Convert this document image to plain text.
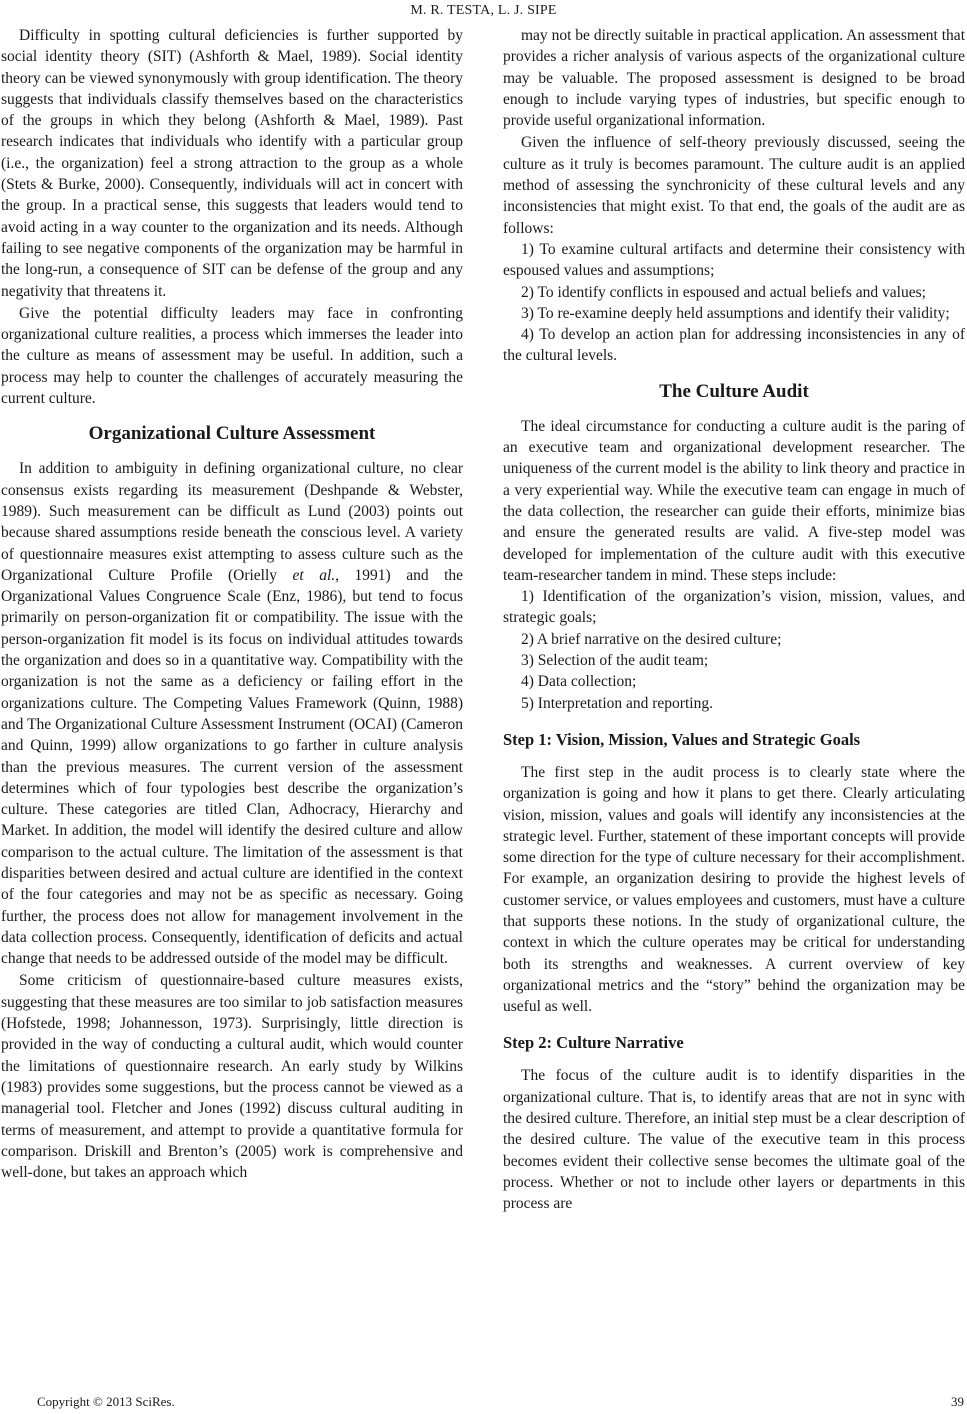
M. R. TESTA, L. J. SIPE

Difficulty in spotting cultural deficiencies is further supported by social identity theory (SIT) (Ashforth & Mael, 1989). Social identity theory can be viewed synonymously with group identification. The theory suggests that individuals classify themselves based on the characteristics of the groups in which they belong (Ashforth & Mael, 1989). Past research indicates that individuals who identify with a particular group (i.e., the organization) feel a strong attraction to the group as a whole (Stets & Burke, 2000). Consequently, individuals will act in concert with the group. In a practical sense, this suggests that leaders would tend to avoid acting in a way counter to the organization and its needs. Although failing to see negative components of the organization may be harmful in the long-run, a consequence of SIT can be defense of the group and any negativity that threatens it.

Give the potential difficulty leaders may face in confronting organizational culture realities, a process which immerses the leader into the culture as means of assessment may be useful. In addition, such a process may help to counter the challenges of accurately measuring the current culture.

Organizational Culture Assessment

In addition to ambiguity in defining organizational culture, no clear consensus exists regarding its measurement (Deshpande & Webster, 1989). Such measurement can be difficult as Lund (2003) points out because shared assumptions reside beneath the conscious level. A variety of questionnaire measures exist attempting to assess culture such as the Organizational Culture Profile (Orielly et al., 1991) and the Organizational Values Congruence Scale (Enz, 1986), but tend to focus primarily on person-organization fit or compatibility. The issue with the person-organization fit model is its focus on individual attitudes towards the organization and does so in a quantitative way. Compatibility with the organization is not the same as a deficiency or failing effort in the organizations culture. The Competing Values Framework (Quinn, 1988) and The Organizational Culture Assessment Instrument (OCAI) (Cameron and Quinn, 1999) allow organizations to go farther in culture analysis than the previous measures. The current version of the assessment determines which of four typologies best describe the organization’s culture. These categories are titled Clan, Adhocracy, Hierarchy and Market. In addition, the model will identify the desired culture and allow comparison to the actual culture. The limitation of the assessment is that disparities between desired and actual culture are identified in the context of the four categories and may not be as specific as necessary. Going further, the process does not allow for management involvement in the data collection process. Consequently, identification of deficits and actual change that needs to be addressed outside of the model may be difficult.

Some criticism of questionnaire-based culture measures exists, suggesting that these measures are too similar to job satisfaction measures (Hofstede, 1998; Johannesson, 1973). Surprisingly, little direction is provided in the way of conducting a cultural audit, which would counter the limitations of questionnaire research. An early study by Wilkins (1983) provides some suggestions, but the process cannot be viewed as a managerial tool. Fletcher and Jones (1992) discuss cultural auditing in terms of measurement, and attempt to provide a quantitative formula for comparison. Driskill and Brenton’s (2005) work is comprehensive and well-done, but takes an approach which

may not be directly suitable in practical application. An assessment that provides a richer analysis of various aspects of the organizational culture may be valuable. The proposed assessment is designed to be broad enough to include varying types of industries, but specific enough to provide useful organizational information.

Given the influence of self-theory previously discussed, seeing the culture as it truly is becomes paramount. The culture audit is an applied method of assessing the synchronicity of these cultural levels and any inconsistencies that might exist. To that end, the goals of the audit are as follows:

1) To examine cultural artifacts and determine their consistency with espoused values and assumptions;

2) To identify conflicts in espoused and actual beliefs and values;

3) To re-examine deeply held assumptions and identify their validity;

4) To develop an action plan for addressing inconsistencies in any of the cultural levels.

The Culture Audit

The ideal circumstance for conducting a culture audit is the paring of an executive team and organizational development researcher. The uniqueness of the current model is the ability to link theory and practice in a very experiential way. While the executive team can engage in much of the data collection, the researcher can guide their efforts, minimize bias and ensure the generated results are valid. A five-step model was developed for implementation of the culture audit with this executive team-researcher tandem in mind. These steps include:

1) Identification of the organization’s vision, mission, values, and strategic goals;

2) A brief narrative on the desired culture;

3) Selection of the audit team;

4) Data collection;

5) Interpretation and reporting.

Step 1: Vision, Mission, Values and Strategic Goals

The first step in the audit process is to clearly state where the organization is going and how it plans to get there. Clearly articulating vision, mission, values and goals will identify any inconsistencies at the strategic level. Further, statement of these important concepts will provide some direction for the type of culture necessary for their accomplishment. For example, an organization desiring to provide the highest levels of customer service, or values employees and customers, must have a culture that supports these notions. In the study of organizational culture, the context in which the culture operates may be critical for understanding both its strengths and weaknesses. A current overview of key organizational metrics and the “story” behind the organization may be useful as well.

Step 2: Culture Narrative

The focus of the culture audit is to identify disparities in the organizational culture. That is, to identify areas that are not in sync with the desired culture. Therefore, an initial step must be a clear description of the desired culture. The value of the executive team in this process becomes evident their collective sense becomes the ultimate goal of the process. Whether or not to include other layers or departments in this process are

Copyright © 2013 SciRes.	39
